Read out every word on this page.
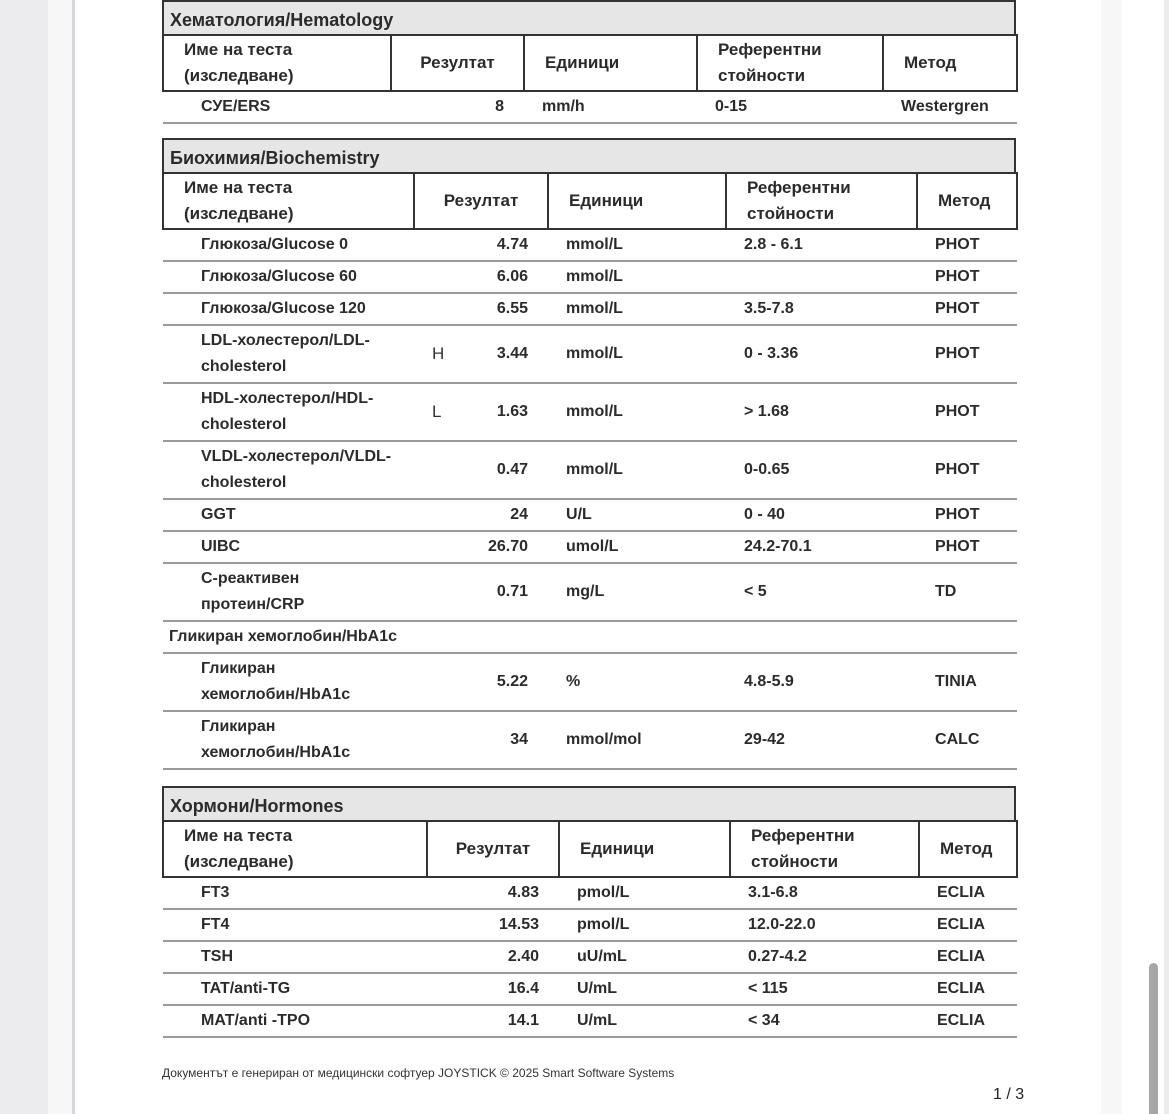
Хематология/Hematology
Име на теста
(изследване)	Резултат	Единици	Референтни
стойности	Метод
СУЕ/ERS	8	mm/h	0-15	Westergren
Биохимия/Biochemistry
Име на теста
(изследване)	Резултат		Единици	Референтни
стойности	Метод
Глюкоза/Glucose 0		4.74	mmol/L	2.8 - 6.1	PHOT
Глюкоза/Glucose 60		6.06	mmol/L		PHOT
Глюкоза/Glucose 120		6.55	mmol/L	3.5-7.8	PHOT
LDL-холестерол/LDL-
cholesterol	H	3.44	mmol/L	0 - 3.36	PHOT
HDL-холестерол/HDL-
cholesterol	L	1.63	mmol/L	> 1.68	PHOT
VLDL-холестерол/VLDL-
cholesterol		0.47	mmol/L	0-0.65	PHOT
GGT		24	U/L	0 - 40	PHOT
UIBC		26.70	umol/L	24.2-70.1	PHOT
С-реактивен
протеин/CRP		0.71	mg/L	< 5	TD
Гликиран хемоглобин/HbA1c					
Гликиран
хемоглобин/HbA1c		5.22	%	4.8-5.9	TINIA
Гликиран
хемоглобин/HbA1c		34	mmol/mol	29-42	CALC
Хормони/Hormones
Име на теста
(изследване)	Резултат	Единици	Референтни
стойности	Метод
FT3	4.83	pmol/L	3.1-6.8	ECLIA
FT4	14.53	pmol/L	12.0-22.0	ECLIA
TSH	2.40	uU/mL	0.27-4.2	ECLIA
TAT/anti-TG	16.4	U/mL	< 115	ECLIA
MAT/anti -TPO	14.1	U/mL	< 34	ECLIA
Документът е генериран от медицински софтуер JOYSTICK © 2025 Smart Software Systems
1 / 3
